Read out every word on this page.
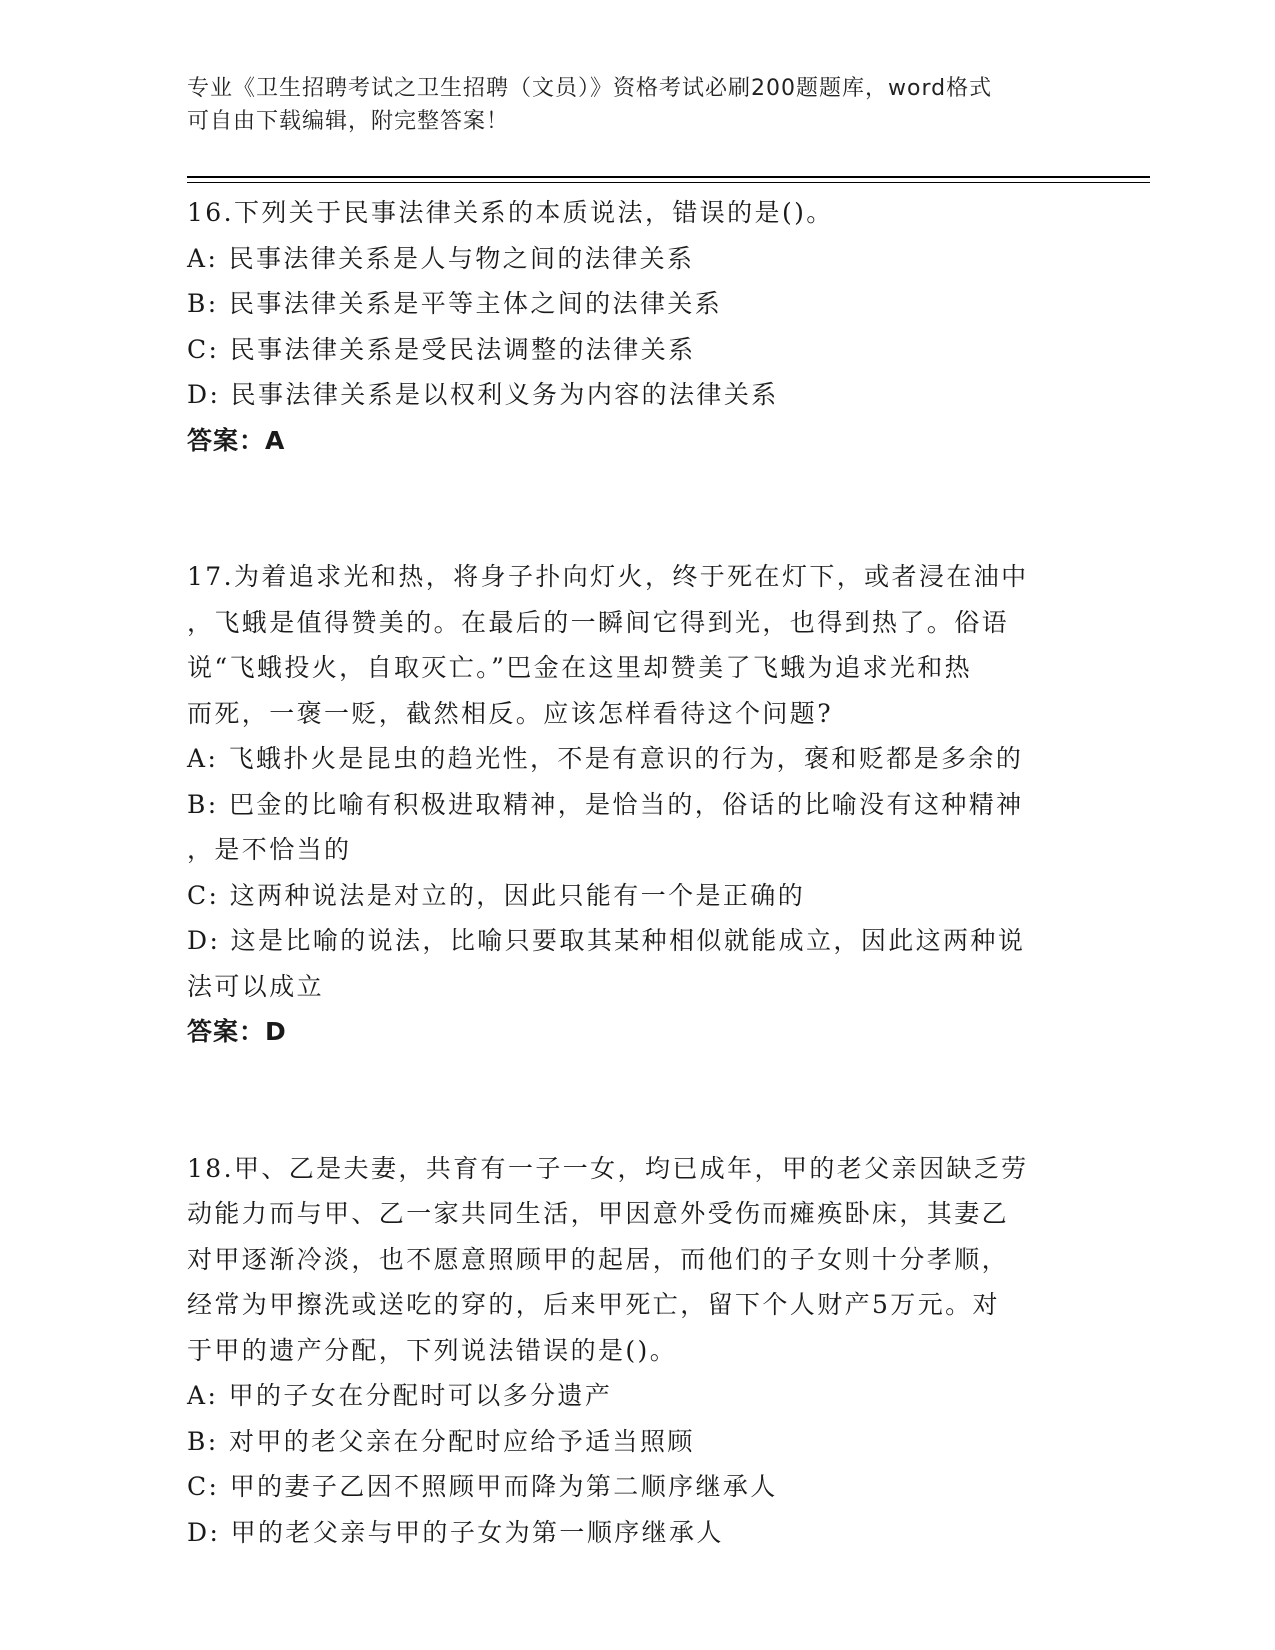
专业《卫生招聘考试之卫生招聘（文员）》资格考试必刷200题题库，word格式
可自由下载编辑，附完整答案！
16.下列关于民事法律关系的本质说法，错误的是()。
A: 民事法律关系是人与物之间的法律关系
B: 民事法律关系是平等主体之间的法律关系
C: 民事法律关系是受民法调整的法律关系
D: 民事法律关系是以权利义务为内容的法律关系
答案：A
17.为着追求光和热，将身子扑向灯火，终于死在灯下，或者浸在油中
，飞蛾是值得赞美的。在最后的一瞬间它得到光，也得到热了。俗语
说“飞蛾投火，自取灭亡。”巴金在这里却赞美了飞蛾为追求光和热
而死，一褒一贬，截然相反。应该怎样看待这个问题?
A: 飞蛾扑火是昆虫的趋光性，不是有意识的行为，褒和贬都是多余的
B: 巴金的比喻有积极进取精神，是恰当的，俗话的比喻没有这种精神
，是不恰当的
C: 这两种说法是对立的，因此只能有一个是正确的
D: 这是比喻的说法，比喻只要取其某种相似就能成立，因此这两种说
法可以成立
答案：D
18.甲、乙是夫妻，共育有一子一女，均已成年，甲的老父亲因缺乏劳
动能力而与甲、乙一家共同生活，甲因意外受伤而瘫痪卧床，其妻乙
对甲逐渐冷淡，也不愿意照顾甲的起居，而他们的子女则十分孝顺，
经常为甲擦洗或送吃的穿的，后来甲死亡，留下个人财产5万元。对
于甲的遗产分配，下列说法错误的是()。
A: 甲的子女在分配时可以多分遗产
B: 对甲的老父亲在分配时应给予适当照顾
C: 甲的妻子乙因不照顾甲而降为第二顺序继承人
D: 甲的老父亲与甲的子女为第一顺序继承人
